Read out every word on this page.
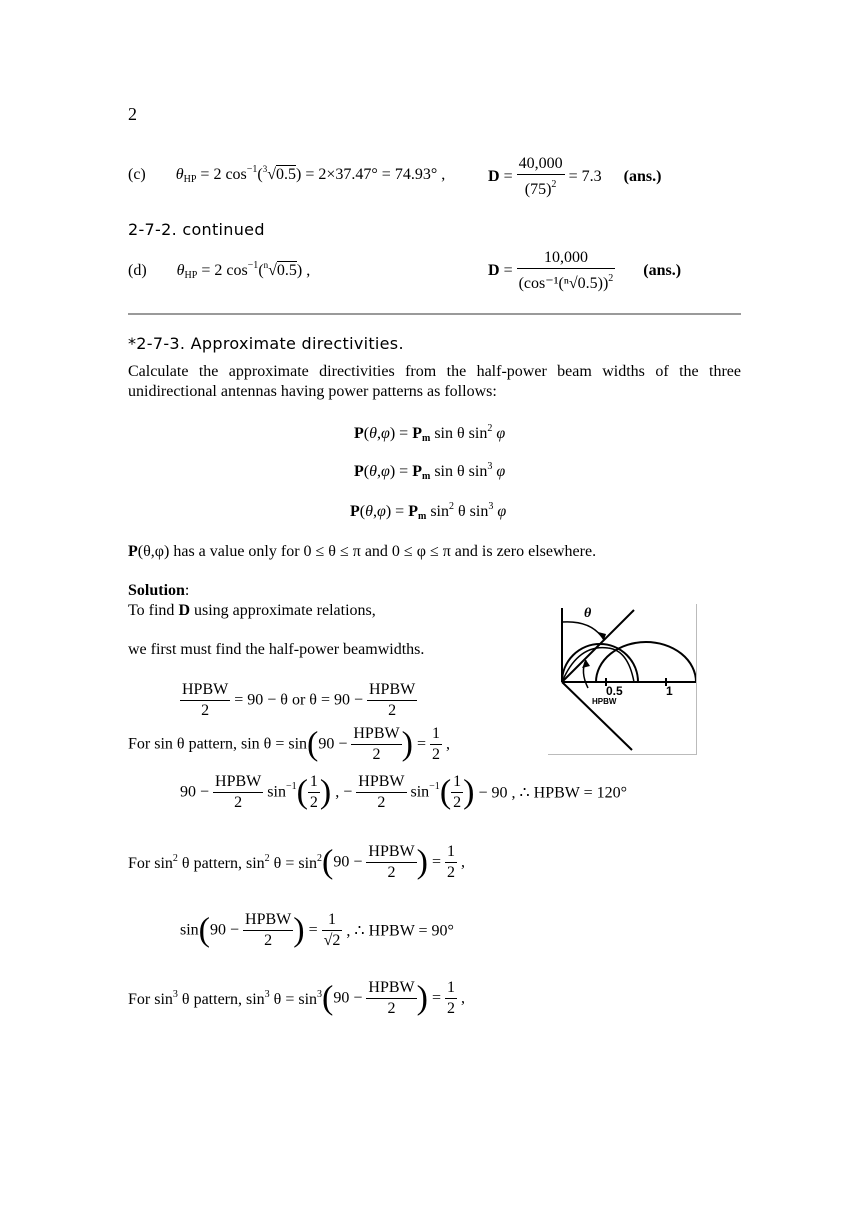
2
(c) $\theta_{HP} = 2$ $\cos^{-1}(^3√0.5) = 2\times 37.47^\circ = 74.93^\circ$ ,	$D = \frac{40,000}{(75)^2} = 7.3$ (ans.)
2-7-2. continued
(d) $\theta_{HP} = 2$ $\cos^{-1}(^n√0.5)$ ,	$D = \frac{10,000}{(\cos^{-1}(^n√0.5))^2} (ans.)$
*2-7-3. Approximate directivities.
Calculate the approximate directivities from the half-power beam widths of the three unidirectional antennas having power patterns as follows:
$P(\theta,\varphi) = P_m$ sin θ $\sin^2 \varphi$
$P(\theta,\varphi) = P_m$ sin θ $\sin^3 \varphi$
$P(\theta,\varphi) = P_m$ $\sin^2 \theta$ $\sin^3 \varphi$
P(θ,φ) has a value only for 0 ≤ θ ≤ π and 0 ≤ φ ≤ π and is zero elsewhere.
Solution:
To find D using approximate relations,
we first must find the half-power beamwidths.
$\frac{\text{HPBW}}{2} = 90 - \theta$ or $\theta = 90 - \frac{\text{HPBW}}{2}$
For sin θ pattern, $\sin \theta = \sin(90 - \frac{\text{HPBW}}{2}$ ) = $\frac{1}{2}$ ,
$90 - \frac{\text{HPBW}}{2} \sin^{-1}( \frac{1}{2}$ ) , − $\frac{\text{HPBW}}{2} \sin^{-1}( \frac{1}{2}$ ) − 90 , ∴ HPBW = 120°
For $\sin^2 \theta$ pattern, $\sin^2 \theta = \sin^2(90 - \frac{\text{HPBW}}{2}$ ) = $\frac{1}{2}$ ,
$\sin(90 - \frac{\text{HPBW}}{2}$ ) = $\frac{1}{√2}$ , ∴ HPBW = 90°
For $\sin^3 \theta$ pattern, $\sin^3 \theta = \sin^3(90 - \frac{\text{HPBW}}{2}$ ) = $\frac{1}{2}$ ,
θ
0.5	1
HPBW
